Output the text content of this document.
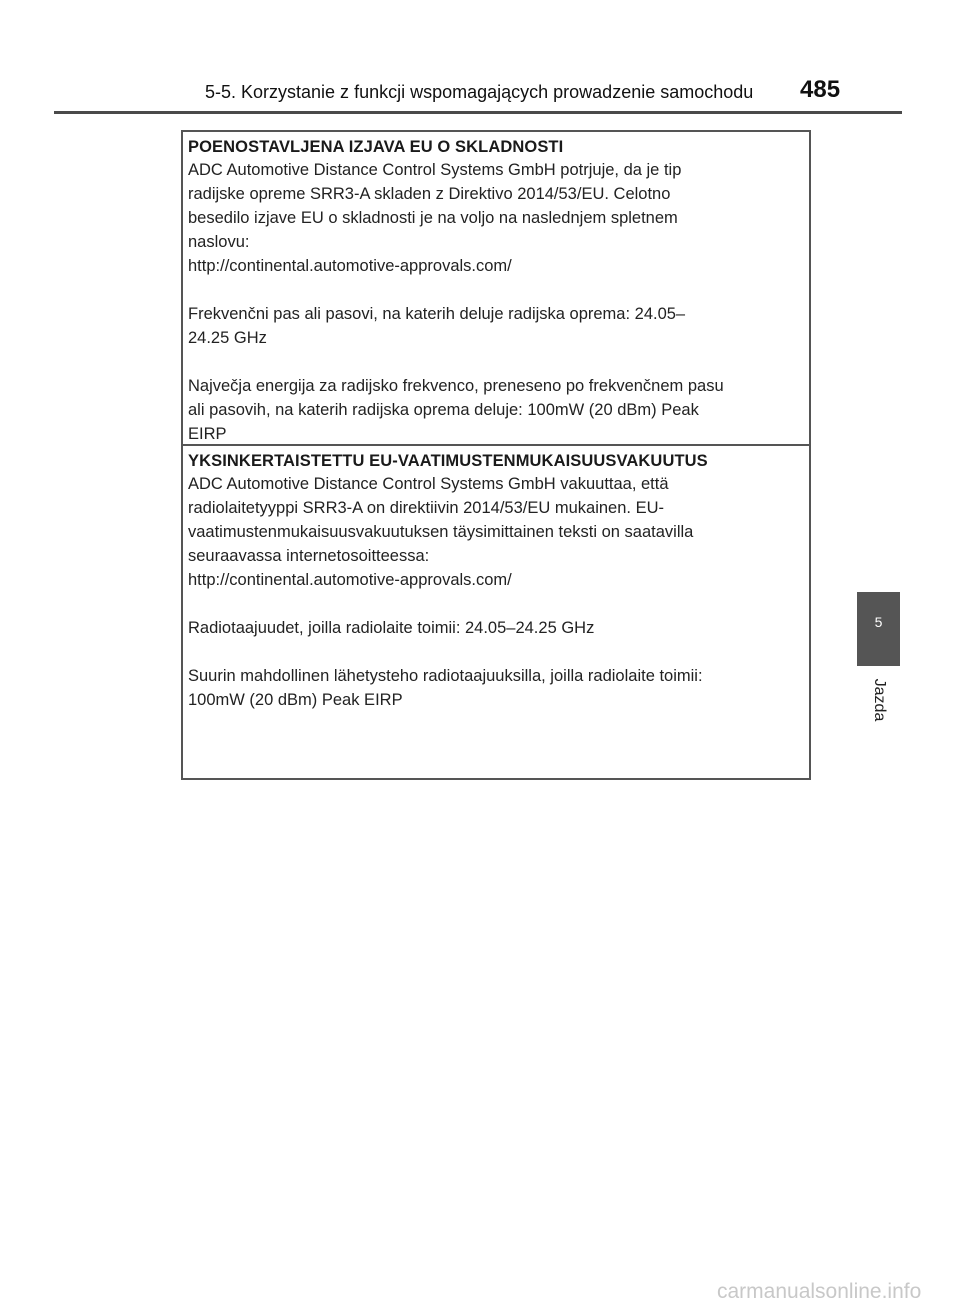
5-5. Korzystanie z funkcji wspomagających prowadzenie samochodu 485
POENOSTAVLJENA IZJAVA EU O SKLADNOSTI
ADC Automotive Distance Control Systems GmbH potrjuje, da je tip
radijske opreme SRR3-A skladen z Direktivo 2014/53/EU. Celotno
besedilo izjave EU o skladnosti je na voljo na naslednjem spletnem
naslovu:
http://continental.automotive-approvals.com/
Frekvenčni pas ali pasovi, na katerih deluje radijska oprema: 24.05–
24.25 GHz
Največja energija za radijsko frekvenco, preneseno po frekvenčnem pasu
ali pasovih, na katerih radijska oprema deluje: 100mW (20 dBm) Peak
EIRP
YKSINKERTAISTETTU EU-VAATIMUSTENMUKAISUUSVAKUUTUS
ADC Automotive Distance Control Systems GmbH vakuuttaa, että
radiolaitetyyppi SRR3-A on direktiivin 2014/53/EU mukainen. EU-
vaatimustenmukaisuusvakuutuksen täysimittainen teksti on saatavilla
seuraavassa internetosoitteessa:
http://continental.automotive-approvals.com/
Radiotaajuudet, joilla radiolaite toimii: 24.05–24.25 GHz
Suurin mahdollinen lähetysteho radiotaajuuksilla, joilla radiolaite toimii:
100mW (20 dBm) Peak EIRP
5
Jazda
carmanualsonline.info
